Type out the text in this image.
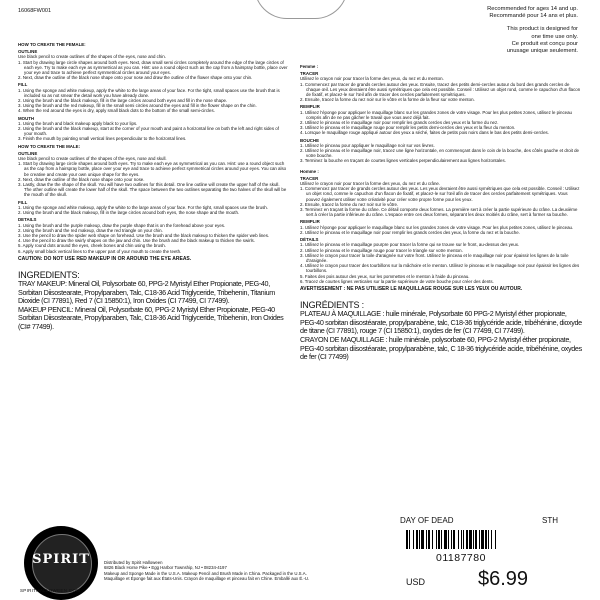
16068FW001	Recommended for ages 14 and up.
Recommandé pour 14 ans et plus.
This product is designed for
one time use only.
Ce produit est conçu pour
unusage unique seulement.
HOW TO CREATE THE FEMALE:
OUTLINE
Use black pencil to create outlines of the shapes of the eyes, nose and chin.
1. Start by drawing large circle shapes around both eyes. Next, draw small semi circles completely around the edge of the large circles of each eye. Try to make each eye as symmetrical as you can. Hint: use a round object such as the cap from a hairspray bottle, place over your eye and trace to achieve perfect symmetrical circles around your eyes.
2. Next, draw the outline of the black nose shape onto your nose and draw the outline of the flower shape onto your chin.
FILL
1. Using the sponge and white makeup, apply the white to the large areas of your face. For the tight, small spaces use the brush that is included so as not smear the detail work you have already done.
2. Using the brush and the black makeup, fill in the large circles around both eyes and fill in the nose shape.
3. Using the brush and the red makeup, fill in the small semi circles around the eyes and fill in the flower shape on the chin.
4. When the red around the eyes is dry, apply small black dots to the bottom of the small semi-circles.
MOUTH
1. Using the brush and black makeup apply black to your lips.
2. Using the brush and the black makeup, start at the corner of your mouth and paint a horizontal line on both the left and right sides of your mouth.
3. Finish the mouth by painting small vertical lines perpendicular to the horizontal lines.
HOW TO CREATE THE MALE:
OUTLINE
Use black pencil to create outlines of the shapes of the eyes, nose and skull.
1. Start by drawing large circle shapes around both eyes. Try to make each eye as symmetrical as you can. Hint: use a round object such as the cap from a hairspray bottle, place over your eye and trace to achieve perfect symmetrical circles around your eyes. You can also be creative and create your own unique shape for the eyes.
2. Next, draw the outline of the black nose shape onto your nose.
3. Lastly, draw the the shape of the skull. You will have two outlines for this detail. One line outline will create the upper half of the skull. The other outline will create the lower half of the skull. The space between the two outlines separating the two halves of the skull will be the mouth of the skull.
FILL
1. Using the sponge and white makeup, apply the white to the large areas of your face. For the tight, small spaces use the brush.
2. Using the brush and the black makeup, fill in the large circles around both eyes, the nose shape and the mouth.
DETAILS
1. Using the brush and the purple makeup, draw the purple shape that is on the forehead above your eyes.
2. Using the brush and the red makeup, draw the red triangle on your chin.
3. Use the pencil to draw the spider web shape on forehead. Use the brush and the black makeup to thicken the spider web lines.
4. Use the pencil to draw the swirly shapes on the jaw and chin. Use the brush and the black makeup to thicken the swirls.
5. Apply round dots around the eyes, cheek bones and chin using the brush.
6. Apply small black vertical lines to the upper part of your mouth to create the teeth.
CAUTION: DO NOT USE RED MAKEUP IN OR AROUND THE EYE AREAS.
INGREDIENTS:
TRAY MAKEUP: Mineral Oil, Polysorbate 60, PPG-2 Myristyl Ether Propionate, PEG-40, Sorbitan Diisostearate, Propylparaben, Talc, C18-36 Acid Triglyceride, Tribehenin, Titanium Dioxide (CI 77891), Red 7 (CI 15850:1), Iron Oxides (CI 77499, CI 77499).
MAKEUP PENCIL: Mineral Oil, Polysorbate 60, PPG-2 Myristyl Ether Propionate, PEG-40 Sorbitan Diisostearate, Propylparaben, Talc, C18-36 Acid Triglyceride, Tribehenin, Iron Oxides (CI# 77499).
Femme :
TRACER
Utilisez le crayon noir pour tracer la forme des yeux, du nez et du menton.
1. Commencez par tracer de grands cercles autour des yeux. Ensuite, tracez des petits demi-cercles autour du bord des grands cercles de chaque œil. Les yeux devraient être aussi symétriques que cela est possible. Conseil : Utilisez un objet rond, comme le capuchon d'un flacon de fixatif, et placez-le sur l'œil afin de tracer des cercles parfaitement symétriques.
2. Ensuite, tracez la forme du nez noir sur le vôtre et la forme de la fleur sur votre menton.
REMPLIR
1. Utilisez l'éponge pour appliquer le maquillage blanc sur les grandes zones de votre visage. Pour les plus petites zones, utilisez le pinceau compris afin de ne pas gâcher le travail que vous avez déjà fait.
2. Utilisez le pinceau et le maquillage noir pour remplir les grands cercles des yeux et la forme du nez.
3. Utilisez le pinceau et le maquillage rouge pour remplir les petits demi-cercles des yeux et la fleur du menton.
4. Lorsque le maquillage rouge appliqué autour des yeux a séché, faites de petits pois noirs dans le bas des petits demi-cercles.
BOUCHE
1. Utilisez le pinceau pour appliquer le maquillage noir sur vos lèvres.
2. Utilisez le pinceau et le maquillage noir, tracez une ligne horizontale, en commençant dans le coin de la bouche, des côtés gauche et droit de votre bouche.
3. Terminez la bouche en traçant de courtes lignes verticales perpendiculairement aux lignes horizontales.
Homme :
TRACER
Utilisez le crayon noir pour tracer la forme des yeux, du nez et du crâne.
1. Commencez par tracer de grands cercles autour des yeux. Les yeux devraient être aussi symétriques que cela est possible. Conseil : Utilisez un objet rond, comme le capuchon d'un flacon de fixatif, et placez-le sur l'œil afin de tracer des cercles parfaitement symétriques. Vous pouvez également utiliser votre créativité pour créer votre propre forme pour les yeux.
2. Ensuite, tracez la forme du nez noir sur le vôtre.
3. Terminez en traçant la forme du crâne. Ce détail comporte deux formes. La première sert à créer la partie supérieure du crâne. La deuxième sert à créer la partie inférieure du crâne. L'espace entre ces deux formes, séparant les deux moitiés du crâne, sert à former sa bouche.
REMPLIR
1. Utilisez l'éponge pour appliquer le maquillage blanc sur les grandes zones de votre visage. Pour les plus petites zones, utilisez le pinceau.
2. Utilisez le pinceau et le maquillage noir pour remplir les grands cercles des yeux, la forme du nez et la bouche.
DÉTAILS
1. Utilisez le pinceau et le maquillage pourpre pour tracer la forme qui se trouve sur le front, au-dessus des yeux.
2. Utilisez le pinceau et le maquillage rouge pour tracer le triangle sur votre menton.
3. Utilisez le crayon pour tracer la toile d'araignée sur votre front. Utilisez le pinceau et le maquillage noir pour épaissir les lignes de la toile d'araignée.
4. Utilisez le crayon pour tracer des tourbillons sur la mâchoire et le menton. Utilisez le pinceau et le maquillage noir pour épaissir les lignes des tourbillons.
5. Faites des pois autour des yeux, sur les pommettes et le menton à l'aide du pinceau.
6. Tracez de courtes lignes verticales sur la partie supérieure de votre bouche pour créer des dents.
AVERTISSEMENT : NE PAS UTILISER LE MAQUILLAGE ROUGE SUR LES YEUX OU AUTOUR.
INGRÉDIENTS :
PLATEAU À MAQUILLAGE : huile minérale, Polysorbate 60 PPG-2 Myristyl éther propionate, PEG-40 sorbitan diisostéarate, propylparabène, talc, C18-36 triglycéride acide, tribéhénine, dioxyde de titane (CI 77891), rouge 7 (CI 15850:1), oxydes de fer (CI 77499, CI 77499).
CRAYON DE MAQUILLAGE : huile minérale, polysorbate 60, PPG-2 Myristyl éther propionate, PEG-40 sorbitan diisostéarate, propylparabène, talc, C 18-36 triglycéride acide, tribéhénine, oxydes de fer (CI 77499)
SPIRIT
SPIRITHALLOWEEN.COM
Distributed by Spirit Halloween
6826 Black Horse Pike • Egg Harbor Township, NJ • 08234-4197
Makeup and Sponge Made in the U.S.A. Makeup Pencil and Brush Made in China. Packaged in the U.S.A.
Maquillage et Éponge fait aux États-Unis. Crayon de maquillage et pinceau fait en Chine. Emballé aux É.-U.
DAY OF DEAD	STH
01187780
USD	$6.99
